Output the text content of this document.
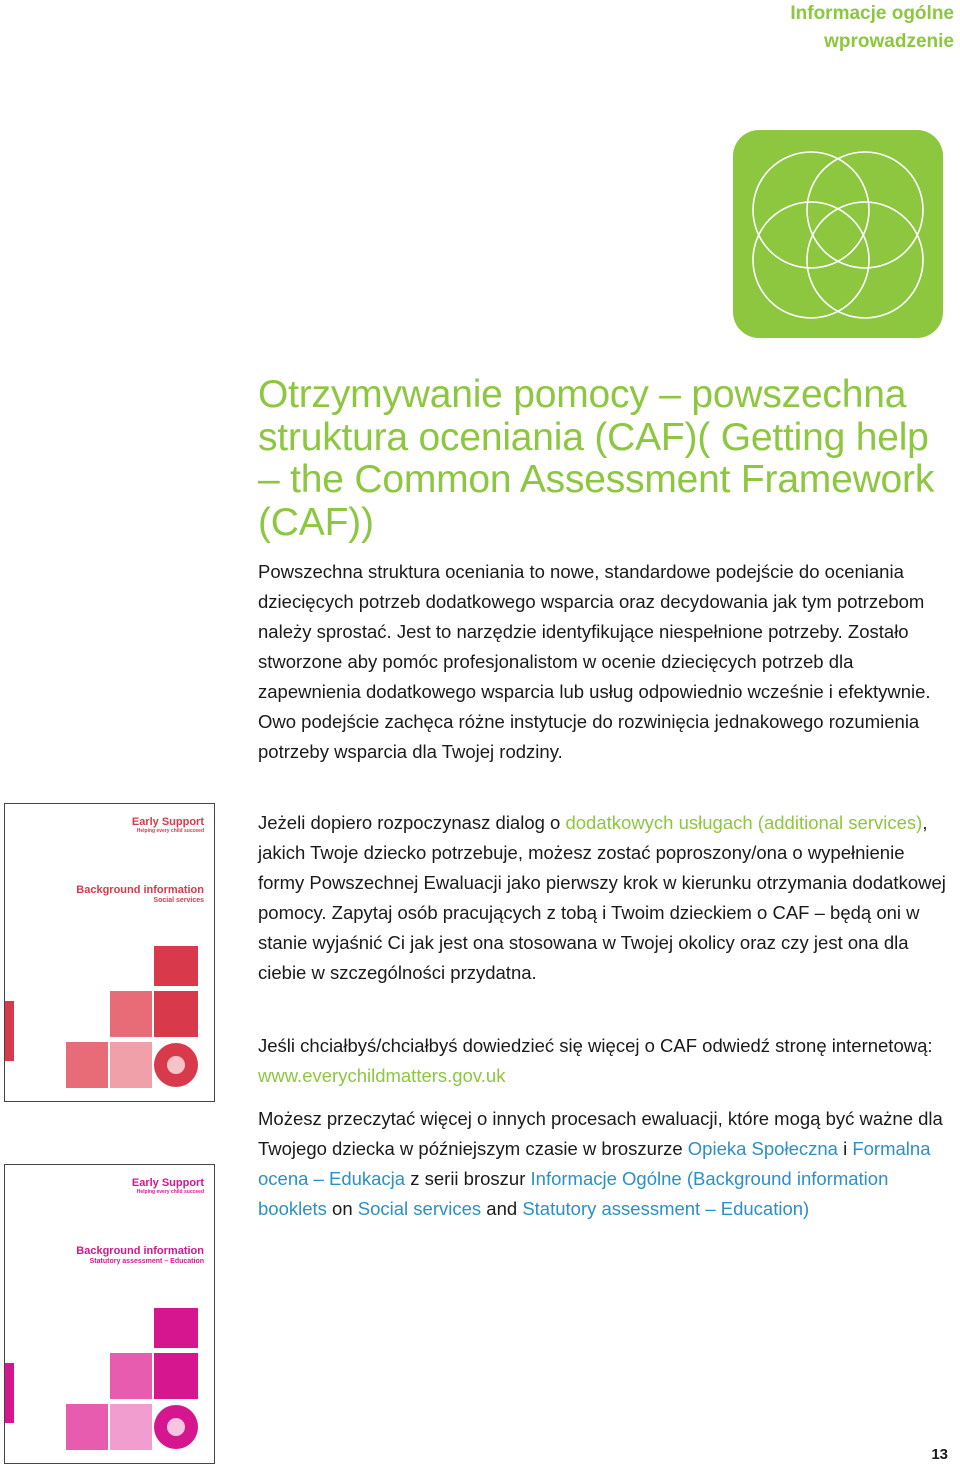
Informacje ogólne
wprowadzenie
Otrzymywanie pomocy – powszechna struktura oceniania (CAF)( Getting help – the Common Assessment Framework (CAF))

Powszechna struktura oceniania to nowe, standardowe podejście do oceniania dziecięcych potrzeb dodatkowego wsparcia oraz decydowania jak tym potrzebom należy sprostać. Jest to narzędzie identyfikujące niespełnione potrzeby. Zostało stworzone aby pomóc profesjonalistom w ocenie dziecięcych potrzeb dla zapewnienia dodatkowego wsparcia lub usług odpowiednio wcześnie i efektywnie. Owo podejście zachęca różne instytucje do rozwinięcia jednakowego rozumienia potrzeby wsparcia dla Twojej rodziny.

Jeżeli dopiero rozpoczynasz dialog o dodatkowych usługach (additional services), jakich Twoje dziecko potrzebuje, możesz zostać poproszony/ona o wypełnienie formy Powszechnej Ewaluacji jako pierwszy krok w kierunku otrzymania dodatkowej pomocy. Zapytaj osób pracujących z tobą i Twoim dzieckiem o CAF – będą oni w stanie wyjaśnić Ci jak jest ona stosowana w Twojej okolicy oraz czy jest ona dla ciebie w szczególności przydatna.

Jeśli chciałbyś/chciałbyś dowiedzieć się więcej o CAF odwiedź stronę internetową: www.everychildmatters.gov.uk

Możesz przeczytać więcej o innych procesach ewaluacji, które mogą być ważne dla Twojego dziecka w późniejszym czasie w broszurze Opieka Społeczna i Formalna ocena – Edukacja z serii broszur Informacje Ogólne (Background information booklets on Social services and Statutory assessment – Education)

Early Support
Helping every child succeed
Background information
Social services
Early Support
Helping every child succeed
Background information
Statutory assessment – Education
13
